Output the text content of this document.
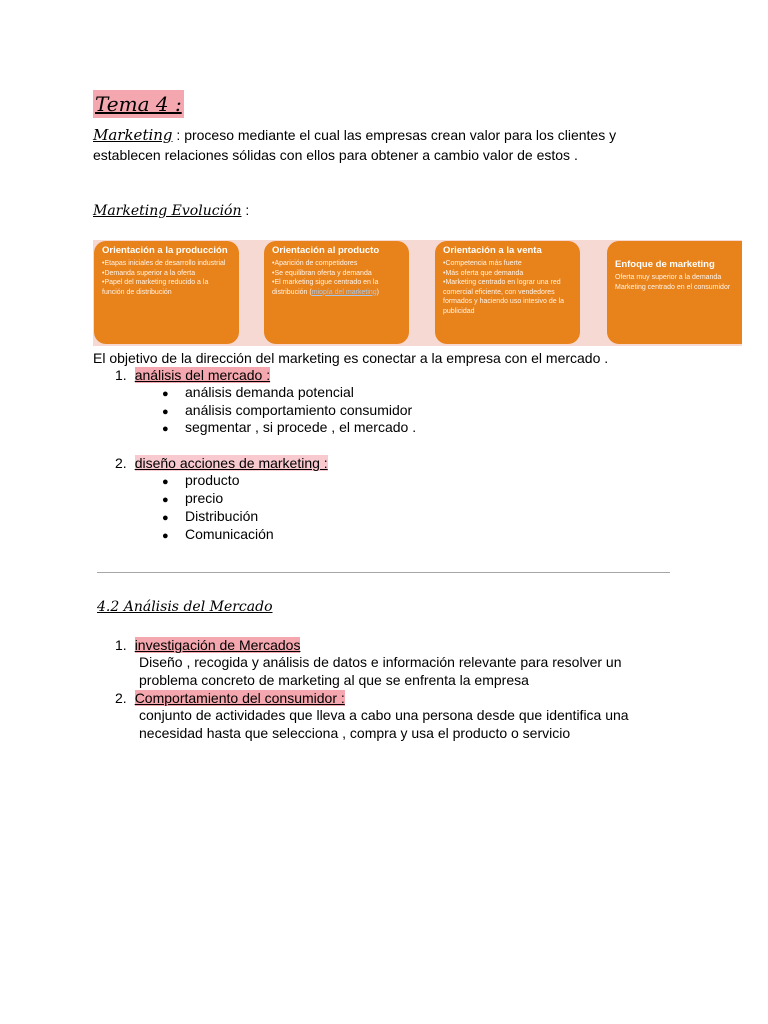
Tema 4 :
Marketing : proceso mediante el cual las empresas crean valor para los clientes y establecen relaciones sólidas con ellos para obtener a cambio valor de estos .
Marketing Evolución :
Orientación a la producción
•Etapas iniciales de desarrollo industrial
•Demanda superior a la oferta
•Papel del marketing reducido a la función de distribución
Orientación al producto
•Aparición de competidores
•Se equilibran oferta y demanda
•El marketing sigue centrado en la distribución (miopía del marketing)
Orientación a la venta
•Competencia más fuerte
•Más oferta que demanda
•Marketing centrado en lograr una red comercial eficiente, con vendedores formados y haciendo uso intesivo de la publicidad
Enfoque de marketing
Oferta muy superior a la demanda
Marketing centrado en el consumidor
El objetivo de la dirección del marketing es conectar a la empresa con el mercado .
1. análisis del mercado :
● análisis demanda potencial
● análisis comportamiento consumidor
● segmentar , si procede , el mercado .
2. diseño acciones de marketing :
● producto
● precio
● Distribución
● Comunicación
4.2 Análisis del Mercado
1. investigación de Mercados
Diseño , recogida y análisis de datos e información relevante para resolver un problema concreto de marketing al que se enfrenta la empresa
2. Comportamiento del consumidor :
conjunto de actividades que lleva a cabo una persona desde que identifica una necesidad hasta que selecciona , compra y usa el producto o servicio
